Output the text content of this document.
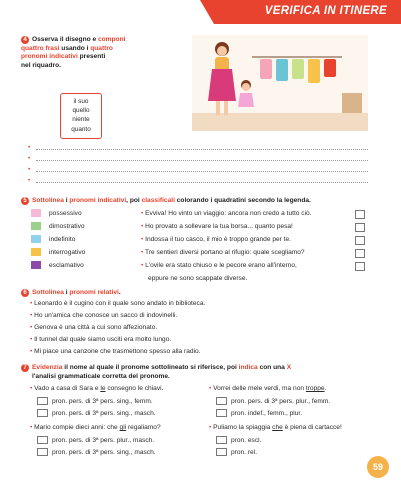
VERIFICA IN ITINERE
4 Osserva il disegno e componi
quattro frasi usando i quattro
pronomi indicativi presenti
nel riquadro.
il suo
quello
niente
quanto
•
•
•
•
5 Sottolinea i pronomi indicativi, poi classificali colorando i quadratini secondo la legenda.
possessivo
dimostrativo
indefinito
interrogativo
esclamativo
• Evviva! Ho vinto un viaggio: ancora non credo a tutto ciò.
• Ho provato a sollevare la tua borsa... quanto pesa!
• Indossa il tuo casco, il mio è troppo grande per te.
• Tre sentieri diversi portano al rifugio: quale scegliamo?
• L'ovile era stato chiuso e le pecore erano all'interno,
eppure ne sono scappate diverse.
6 Sottolinea i pronomi relativi.
• Leonardo è il cugino con il quale sono andato in biblioteca.
• Ho un'amica che conosce un sacco di indovinelli.
• Genova è una città a cui sono affezionato.
• Il tunnel dal quale siamo usciti era molto lungo.
• Mi piace una canzone che trasmettono spesso alla radio.
7 Evidenzia il nome al quale il pronome sottolineato si riferisce, poi indica con una X
l'analisi grammaticale corretta del pronome.
• Vado a casa di Sara e le consegno le chiavi.
pron. pers. di 3ª pers. sing., femm.
pron. pers. di 3ª pers. sing., masch.
• Vorrei delle mele verdi, ma non troppe.
pron. pers. di 3ª pers. plur., femm.
pron. indef., femm., plur.
• Mario compie dieci anni: che gli regaliamo?
pron. pers. di 3ª pers. plur., masch.
pron. pers. di 3ª pers. sing., masch.
• Puliamo la spiaggia che è piena di cartacce!
pron. escl.
pron. rel.
59
